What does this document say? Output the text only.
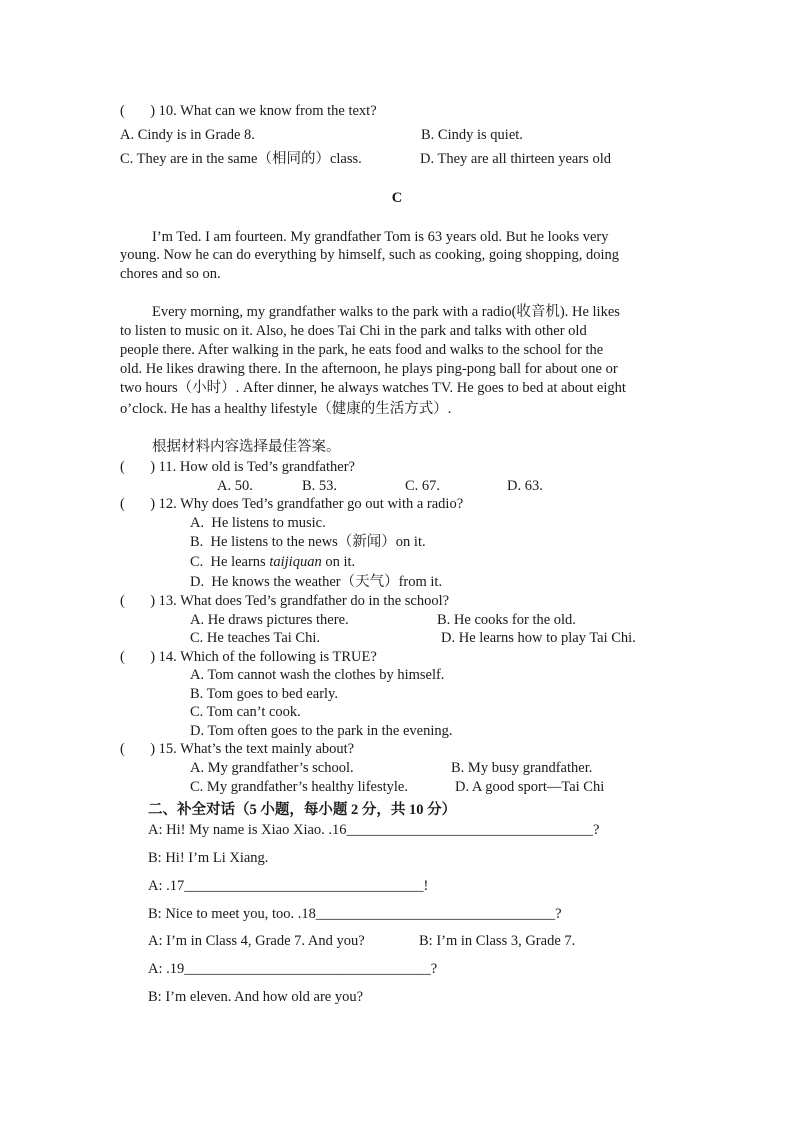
(       ) 10. What can we know from the text?
A. Cindy is in Grade 8.	B. Cindy is quiet.
C. They are in the same（相同的）class.	D. They are all thirteen years old
C
I’m Ted. I am fourteen. My grandfather Tom is 63 years old. But he looks very
young. Now he can do everything by himself, such as cooking, going shopping, doing
chores and so on.
Every morning, my grandfather walks to the park with a radio(收音机). He likes
to listen to music on it. Also, he does Tai Chi in the park and talks with other old
people there. After walking in the park, he eats food and walks to the school for the
old. He likes drawing there. In the afternoon, he plays ping-pong ball for about one or
two hours（小时）. After dinner, he always watches TV. He goes to bed at about eight
o’clock. He has a healthy lifestyle（健康的生活方式）.
根据材料内容选择最佳答案。
(       ) 11. How old is Ted’s grandfather?
A. 50.	B. 53.	C. 67.	D. 63.
(       ) 12. Why does Ted’s grandfather go out with a radio?
A.  He listens to music.
B.  He listens to the news（新闻）on it.
C.  He learns taijiquan on it.
D.  He knows the weather（天气）from it.
(       ) 13. What does Ted’s grandfather do in the school?
A. He draws pictures there.	B. He cooks for the old.
C. He teaches Tai Chi.	D. He learns how to play Tai Chi.
(       ) 14. Which of the following is TRUE?
A. Tom cannot wash the clothes by himself.
B. Tom goes to bed early.
C. Tom can’t cook.
D. Tom often goes to the park in the evening.
(       ) 15. What’s the text mainly about?
A. My grandfather’s school.	B. My busy grandfather.
C. My grandfather’s healthy lifestyle.	D. A good sport—Tai Chi
二、补全对话（5 小题，每小题 2 分，共 10 分）
A: Hi! My name is Xiao Xiao. .16__________________________________?
B: Hi! I’m Li Xiang.
A: .17_________________________________!
B: Nice to meet you, too. .18_________________________________?
A: I’m in Class 4, Grade 7. And you?	B: I’m in Class 3, Grade 7.
A: .19__________________________________?
B: I’m eleven. And how old are you?
